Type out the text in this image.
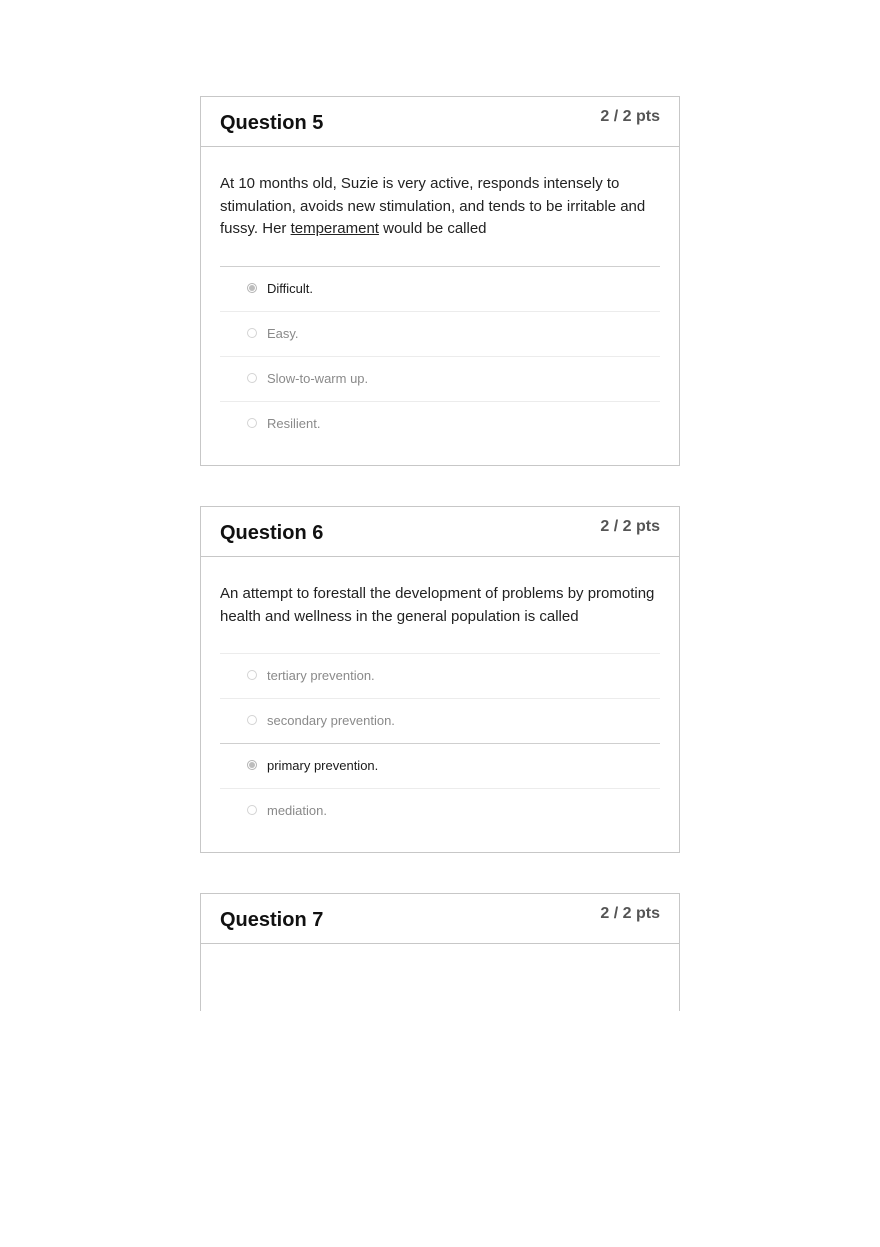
Question 5	2 / 2 pts

At 10 months old, Suzie is very active, responds intensely to stimulation, avoids new stimulation, and tends to be irritable and fussy. Her temperament would be called

Difficult.
Easy.
Slow-to-warm up.
Resilient.
Question 6	2 / 2 pts

An attempt to forestall the development of problems by promoting health and wellness in the general population is called

tertiary prevention.
secondary prevention.
primary prevention.
mediation.
Question 7	2 / 2 pts
